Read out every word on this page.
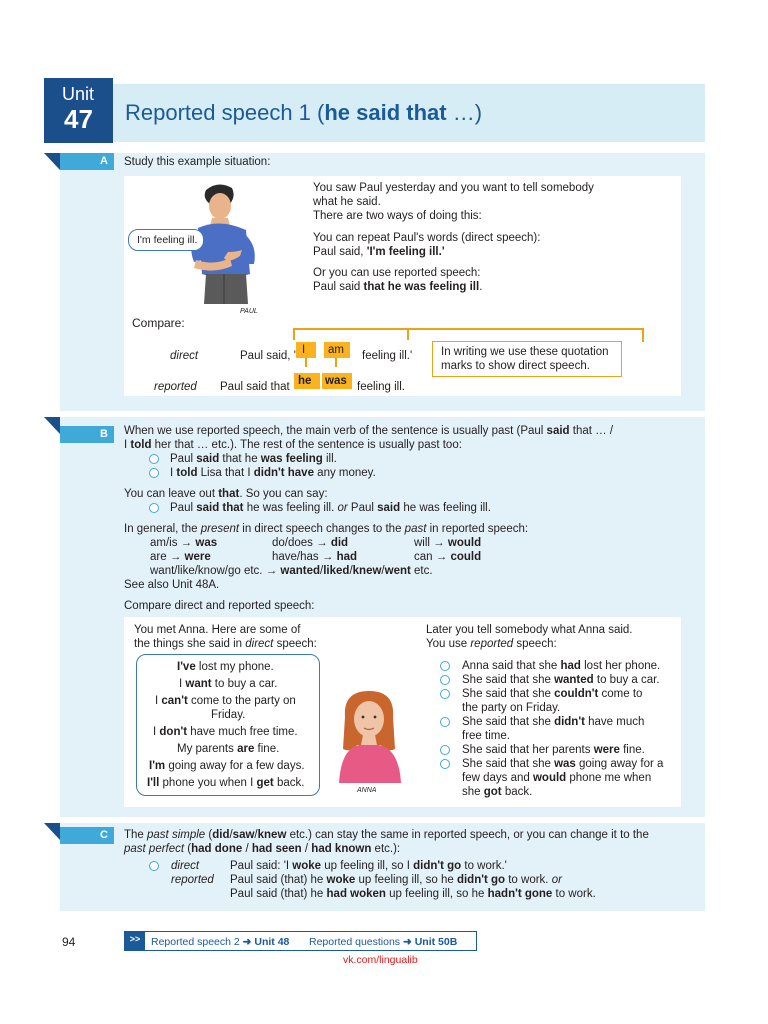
Unit
47 Reported speech 1 (he said that …)
A	Study this example situation:
I'm feeling ill.
PAUL
You saw Paul yesterday and you want to tell somebody
what he said.
There are two ways of doing this:
You can repeat Paul's words (direct speech):
Paul said, 'I'm feeling ill.'
Or you can use reported speech:
Paul said that he was feeling ill.
Compare:
direct	Paul said, ' I am feeling ill.'
reported Paul said that he was feeling ill.
In writing we use these quotation
marks to show direct speech.
B	When we use reported speech, the main verb of the sentence is usually past (Paul said that … /
I told her that … etc.). The rest of the sentence is usually past too:
Paul said that he was feeling ill.
I told Lisa that I didn't have any money.
You can leave out that. So you can say:
Paul said that he was feeling ill. or Paul said he was feeling ill.
In general, the present in direct speech changes to the past in reported speech:
am/is → was	do/does → did	will → would
are → were	have/has → had	can → could
want/like/know/go etc. → wanted/liked/knew/went etc.
See also Unit 48A.
Compare direct and reported speech:
You met Anna. Here are some of
the things she said in direct speech:
Later you tell somebody what Anna said.
You use reported speech:
I've lost my phone.
I want to buy a car.
I can't come to the party on
Friday.
I don't have much free time.
My parents are fine.
I'm going away for a few days.
I'll phone you when I get back.
ANNA
Anna said that she had lost her phone.
She said that she wanted to buy a car.
She said that she couldn't come to
the party on Friday.
She said that she didn't have much
free time.
She said that her parents were fine.
She said that she was going away for a
few days and would phone me when
she got back.
C	The past simple (did/saw/knew etc.) can stay the same in reported speech, or you can change it to the
past perfect (had done / had seen / had known etc.):
direct	Paul said: 'I woke up feeling ill, so I didn't go to work.'
reported Paul said (that) he woke up feeling ill, so he didn't go to work. or
Paul said (that) he had woken up feeling ill, so he hadn't gone to work.
94	>>	Reported speech 2 ➜ Unit 48 Reported questions ➜ Unit 50B
vk.com/lingualib
